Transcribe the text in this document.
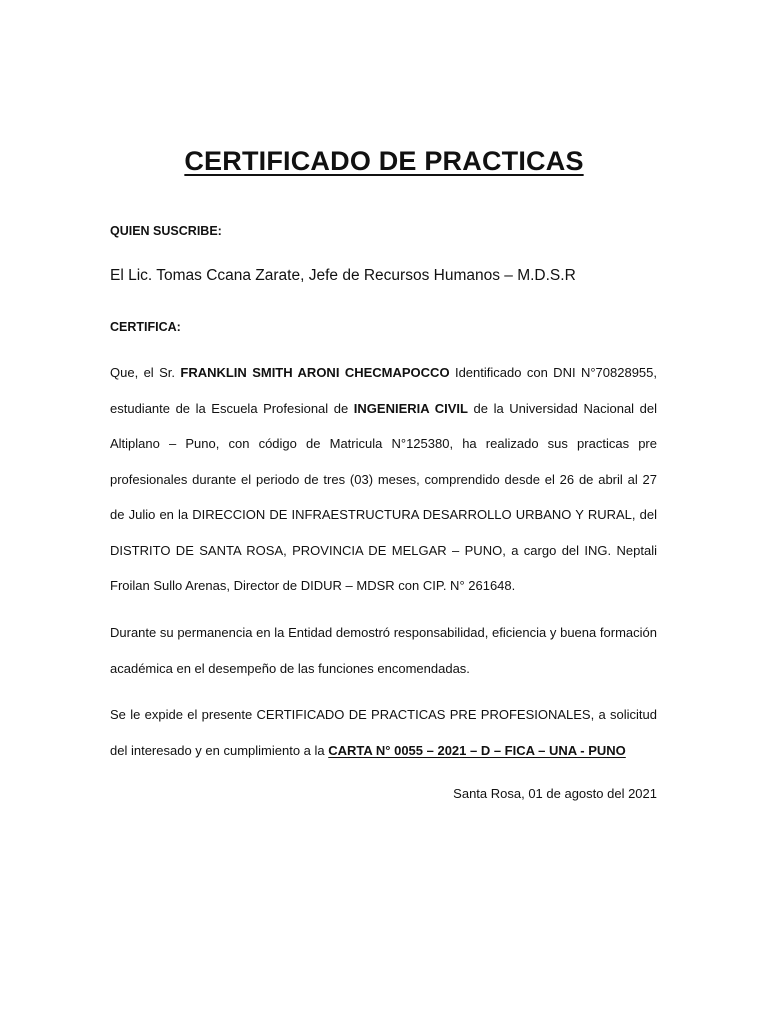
CERTIFICADO DE PRACTICAS
QUIEN SUSCRIBE:
El Lic. Tomas Ccana Zarate, Jefe de Recursos Humanos – M.D.S.R
CERTIFICA:
Que, el Sr. FRANKLIN SMITH ARONI CHECMAPOCCO Identificado con DNI N°70828955, estudiante de la Escuela Profesional de INGENIERIA CIVIL de la Universidad Nacional del Altiplano – Puno, con código de Matricula N°125380, ha realizado sus practicas pre profesionales durante el periodo de tres (03) meses, comprendido desde el 26 de abril al 27 de Julio en la DIRECCION DE INFRAESTRUCTURA DESARROLLO URBANO Y RURAL, del DISTRITO DE SANTA ROSA, PROVINCIA DE MELGAR – PUNO, a cargo del ING. Neptali Froilan Sullo Arenas, Director de DIDUR – MDSR con CIP. N° 261648.
Durante su permanencia en la Entidad demostró responsabilidad, eficiencia y buena formación académica en el desempeño de las funciones encomendadas.
Se le expide el presente CERTIFICADO DE PRACTICAS PRE PROFESIONALES, a solicitud del interesado y en cumplimiento a la CARTA N° 0055 – 2021 – D – FICA – UNA - PUNO
Santa Rosa, 01 de agosto del 2021
